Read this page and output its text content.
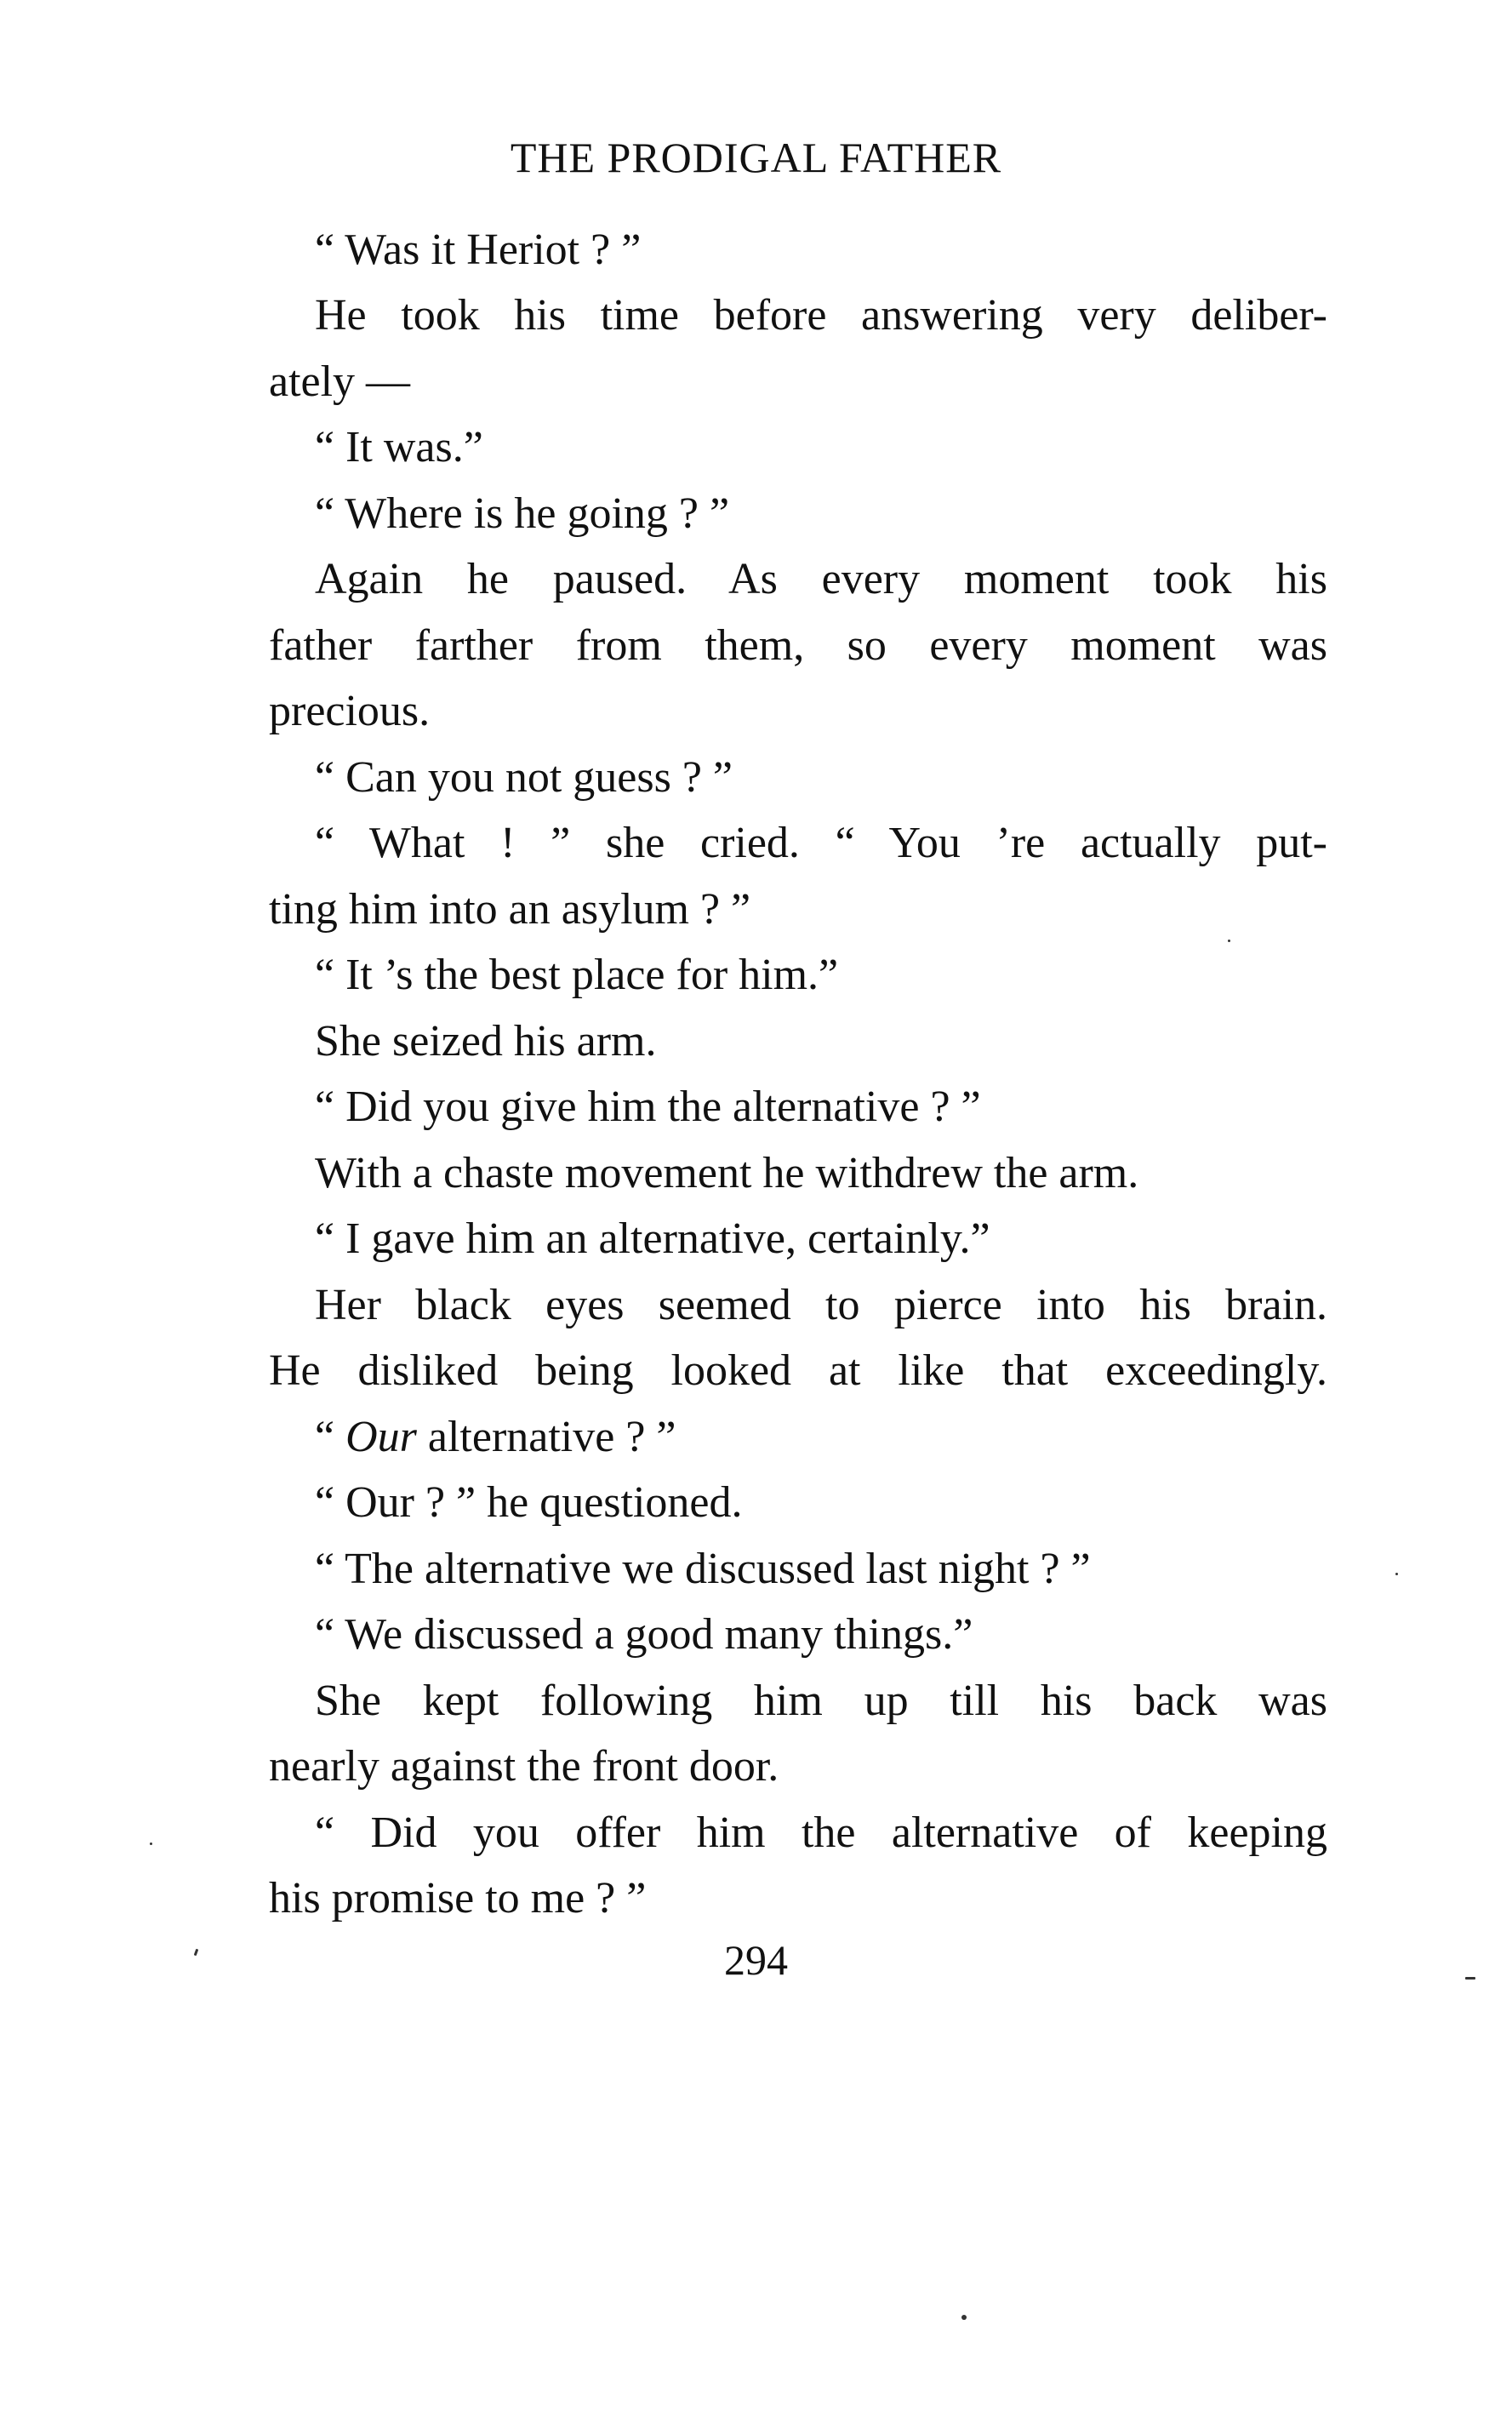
THE PRODIGAL FATHER
“ Was it Heriot ? ”
He took his time before answering very deliber-
ately —
“ It was.”
“ Where is he going ? ”
Again he paused. As every moment took his
father farther from them, so every moment was
precious.
“ Can you not guess ? ”
“ What ! ” she cried. “ You ’re actually put-
ting him into an asylum ? ”
“ It ’s the best place for him.”
She seized his arm.
“ Did you give him the alternative ? ”
With a chaste movement he withdrew the arm.
“ I gave him an alternative, certainly.”
Her black eyes seemed to pierce into his brain.
He disliked being looked at like that exceedingly.
“ Our alternative ? ”
“ Our ? ” he questioned.
“ The alternative we discussed last night ? ”
“ We discussed a good many things.”
She kept following him up till his back was
nearly against the front door.
“ Did you offer him the alternative of keeping
his promise to me ? ”
294
